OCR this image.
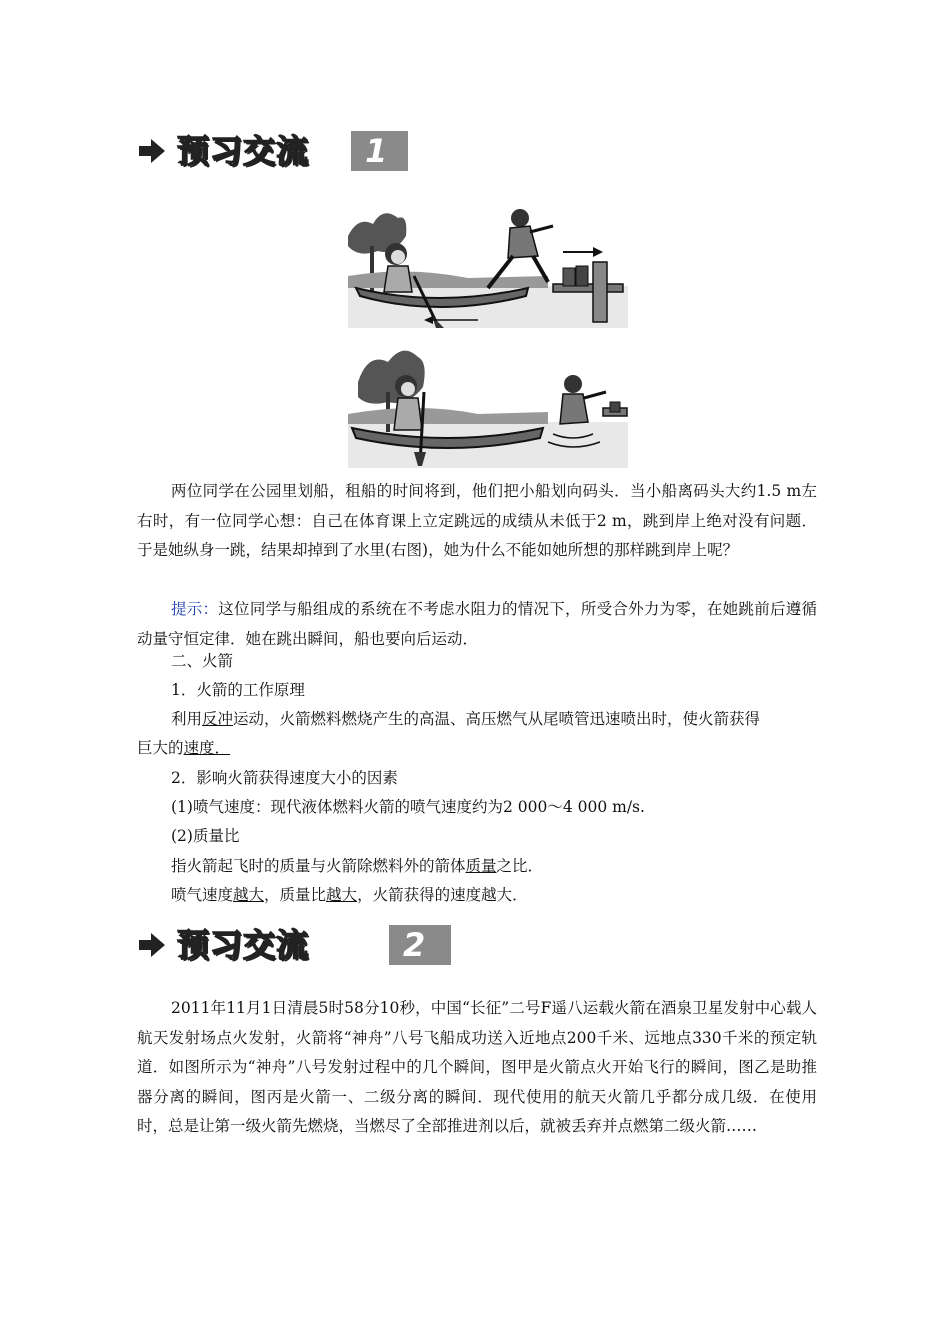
预习交流	1

两位同学在公园里划船，租船的时间将到，他们把小船划向码头．当小船离码头大约1.5 m左右时，有一位同学心想：自己在体育课上立定跳远的成绩从未低于2 m，跳到岸上绝对没有问题．于是她纵身一跳，结果却掉到了水里(右图)，她为什么不能如她所想的那样跳到岸上呢？

提示：这位同学与船组成的系统在不考虑水阻力的情况下，所受合外力为零，在她跳前后遵循动量守恒定律．她在跳出瞬间，船也要向后运动．

二、火箭
1．火箭的工作原理
利用反冲运动，火箭燃料燃烧产生的高温、高压燃气从尾喷管迅速喷出时，使火箭获得
巨大的速度．
2．影响火箭获得速度大小的因素
(1)喷气速度：现代液体燃料火箭的喷气速度约为2 000～4 000 m/s.
(2)质量比
指火箭起飞时的质量与火箭除燃料外的箭体质量之比．
喷气速度越大，质量比越大，火箭获得的速度越大．
预习交流	2

2011年11月1日清晨5时58分10秒，中国“长征”二号F遥八运载火箭在酒泉卫星发射中心载人航天发射场点火发射，火箭将“神舟”八号飞船成功送入近地点200千米、远地点330千米的预定轨道．如图所示为“神舟”八号发射过程中的几个瞬间，图甲是火箭点火开始飞行的瞬间，图乙是助推器分离的瞬间，图丙是火箭一、二级分离的瞬间．现代使用的航天火箭几乎都分成几级．在使用时，总是让第一级火箭先燃烧，当燃尽了全部推进剂以后，就被丢弃并点燃第二级火箭……
